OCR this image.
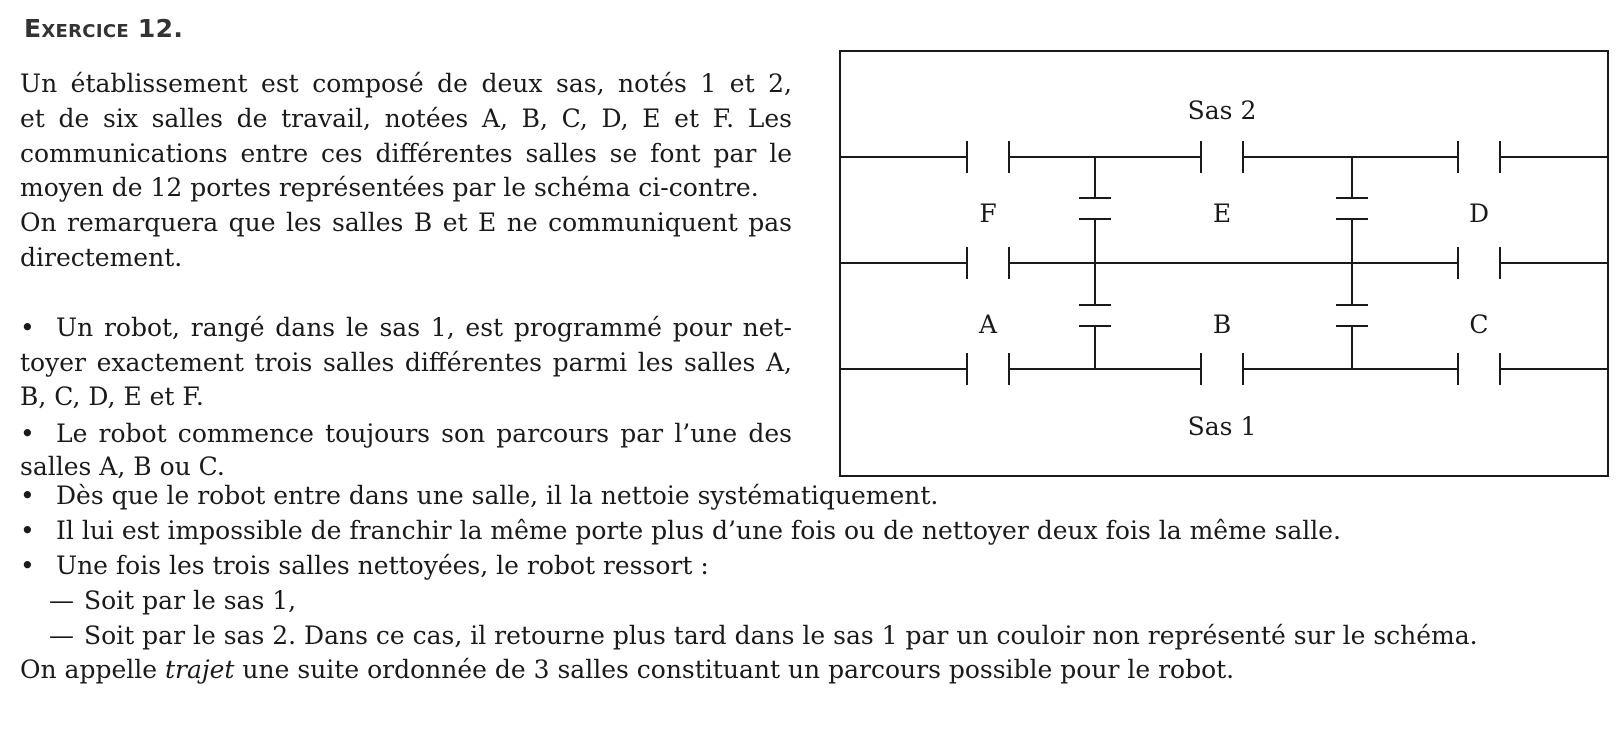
Exercice 12.
Un établissement est composé de deux sas, notés 1 et 2,
et de six salles de travail, notées A, B, C, D, E et F. Les
communications entre ces différentes salles se font par le
moyen de 12 portes représentées par le schéma ci-contre.
On remarquera que les salles B et E ne communiquent pas
directement.
• Un robot, rangé dans le sas 1, est programmé pour net-
toyer exactement trois salles différentes parmi les salles A,
B, C, D, E et F.
• Le robot commence toujours son parcours par l’une des
salles A, B ou C.
• Dès que le robot entre dans une salle, il la nettoie systématiquement.
• Il lui est impossible de franchir la même porte plus d’une fois ou de nettoyer deux fois la même salle.
• Une fois les trois salles nettoyées, le robot ressort :
— Soit par le sas 1,
— Soit par le sas 2. Dans ce cas, il retourne plus tard dans le sas 1 par un couloir non représenté sur le schéma.
On appelle trajet une suite ordonnée de 3 salles constituant un parcours possible pour le robot.
Sas 2
Sas 1
F	E	D
A	B	C
